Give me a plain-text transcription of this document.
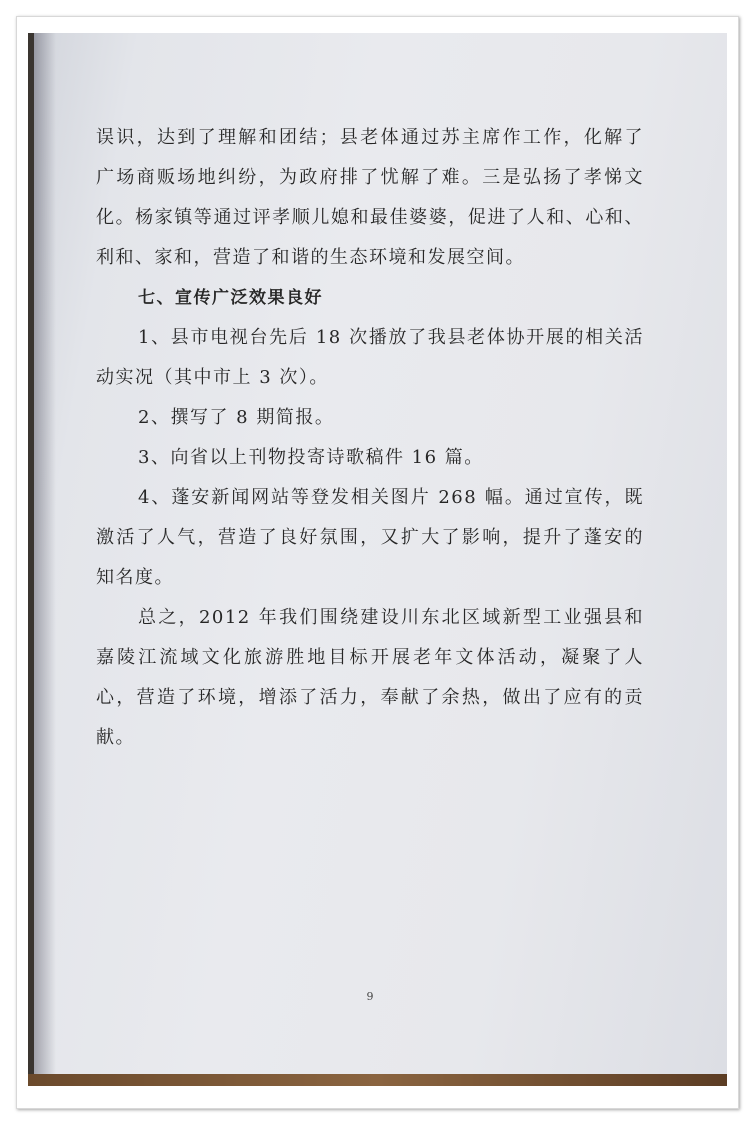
误识，达到了理解和团结；县老体通过苏主席作工作，化解了
广场商贩场地纠纷，为政府排了忧解了难。三是弘扬了孝悌文
化。杨家镇等通过评孝顺儿媳和最佳婆婆，促进了人和、心和、
利和、家和，营造了和谐的生态环境和发展空间。
七、宣传广泛效果良好
1、县市电视台先后 18 次播放了我县老体协开展的相关活
动实况（其中市上 3 次）。
2、撰写了 8 期简报。
3、向省以上刊物投寄诗歌稿件 16 篇。
4、蓬安新闻网站等登发相关图片 268 幅。通过宣传，既
激活了人气，营造了良好氛围，又扩大了影响，提升了蓬安的
知名度。
总之，2012 年我们围绕建设川东北区域新型工业强县和
嘉陵江流域文化旅游胜地目标开展老年文体活动，凝聚了人
心，营造了环境，增添了活力，奉献了余热，做出了应有的贡
献。
9
